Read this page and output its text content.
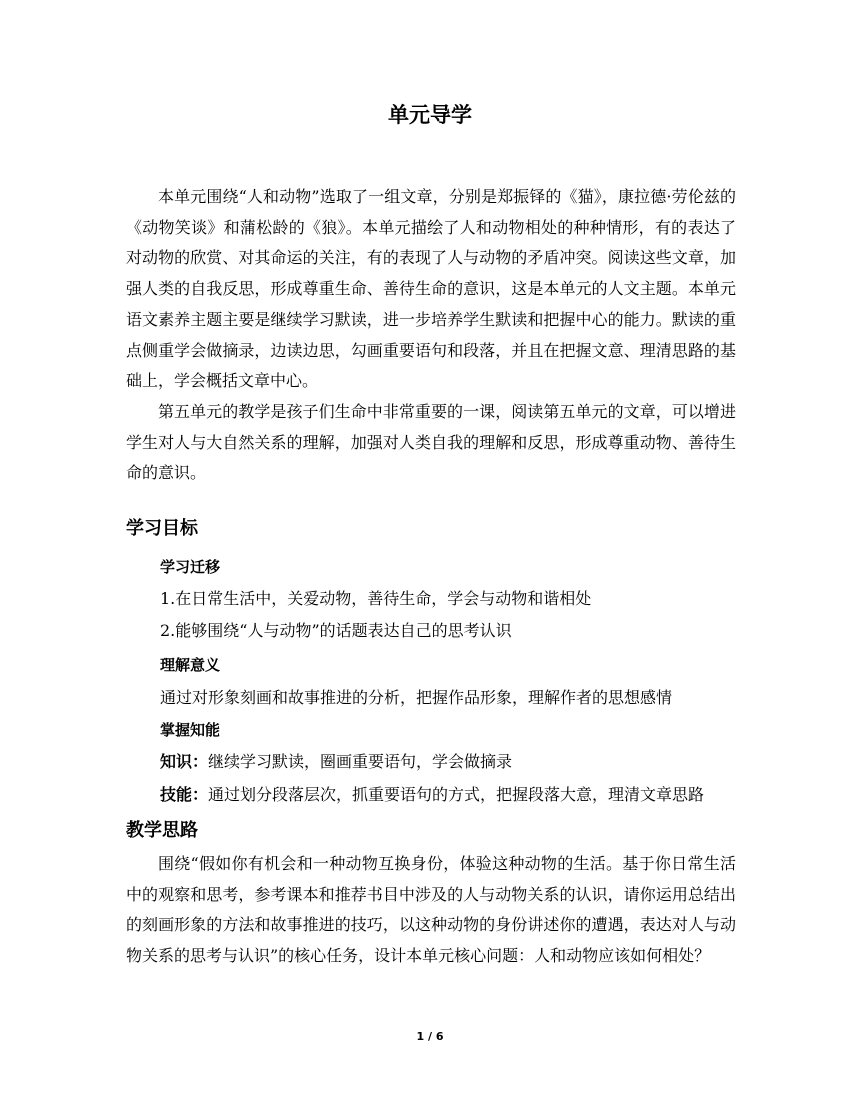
单元导学

本单元围绕“人和动物”选取了一组文章，分别是郑振铎的《猫》，康拉德·劳伦兹的《动物笑谈》和蒲松龄的《狼》。本单元描绘了人和动物相处的种种情形，有的表达了对动物的欣赏、对其命运的关注，有的表现了人与动物的矛盾冲突。阅读这些文章，加强人类的自我反思，形成尊重生命、善待生命的意识，这是本单元的人文主题。本单元语文素养主题主要是继续学习默读，进一步培养学生默读和把握中心的能力。默读的重点侧重学会做摘录，边读边思，勾画重要语句和段落，并且在把握文意、理清思路的基础上，学会概括文章中心。

第五单元的教学是孩子们生命中非常重要的一课，阅读第五单元的文章，可以增进学生对人与大自然关系的理解，加强对人类自我的理解和反思，形成尊重动物、善待生命的意识。

学习目标
学习迁移
1.在日常生活中，关爱动物，善待生命，学会与动物和谐相处
2.能够围绕“人与动物”的话题表达自己的思考认识
理解意义
通过对形象刻画和故事推进的分析，把握作品形象，理解作者的思想感情
掌握知能
知识：继续学习默读，圈画重要语句，学会做摘录
技能：通过划分段落层次，抓重要语句的方式，把握段落大意，理清文章思路
教学思路

围绕“假如你有机会和一种动物互换身份，体验这种动物的生活。基于你日常生活中的观察和思考，参考课本和推荐书目中涉及的人与动物关系的认识，请你运用总结出的刻画形象的方法和故事推进的技巧，以这种动物的身份讲述你的遭遇，表达对人与动物关系的思考与认识”的核心任务，设计本单元核心问题：人和动物应该如何相处？

1 / 6
